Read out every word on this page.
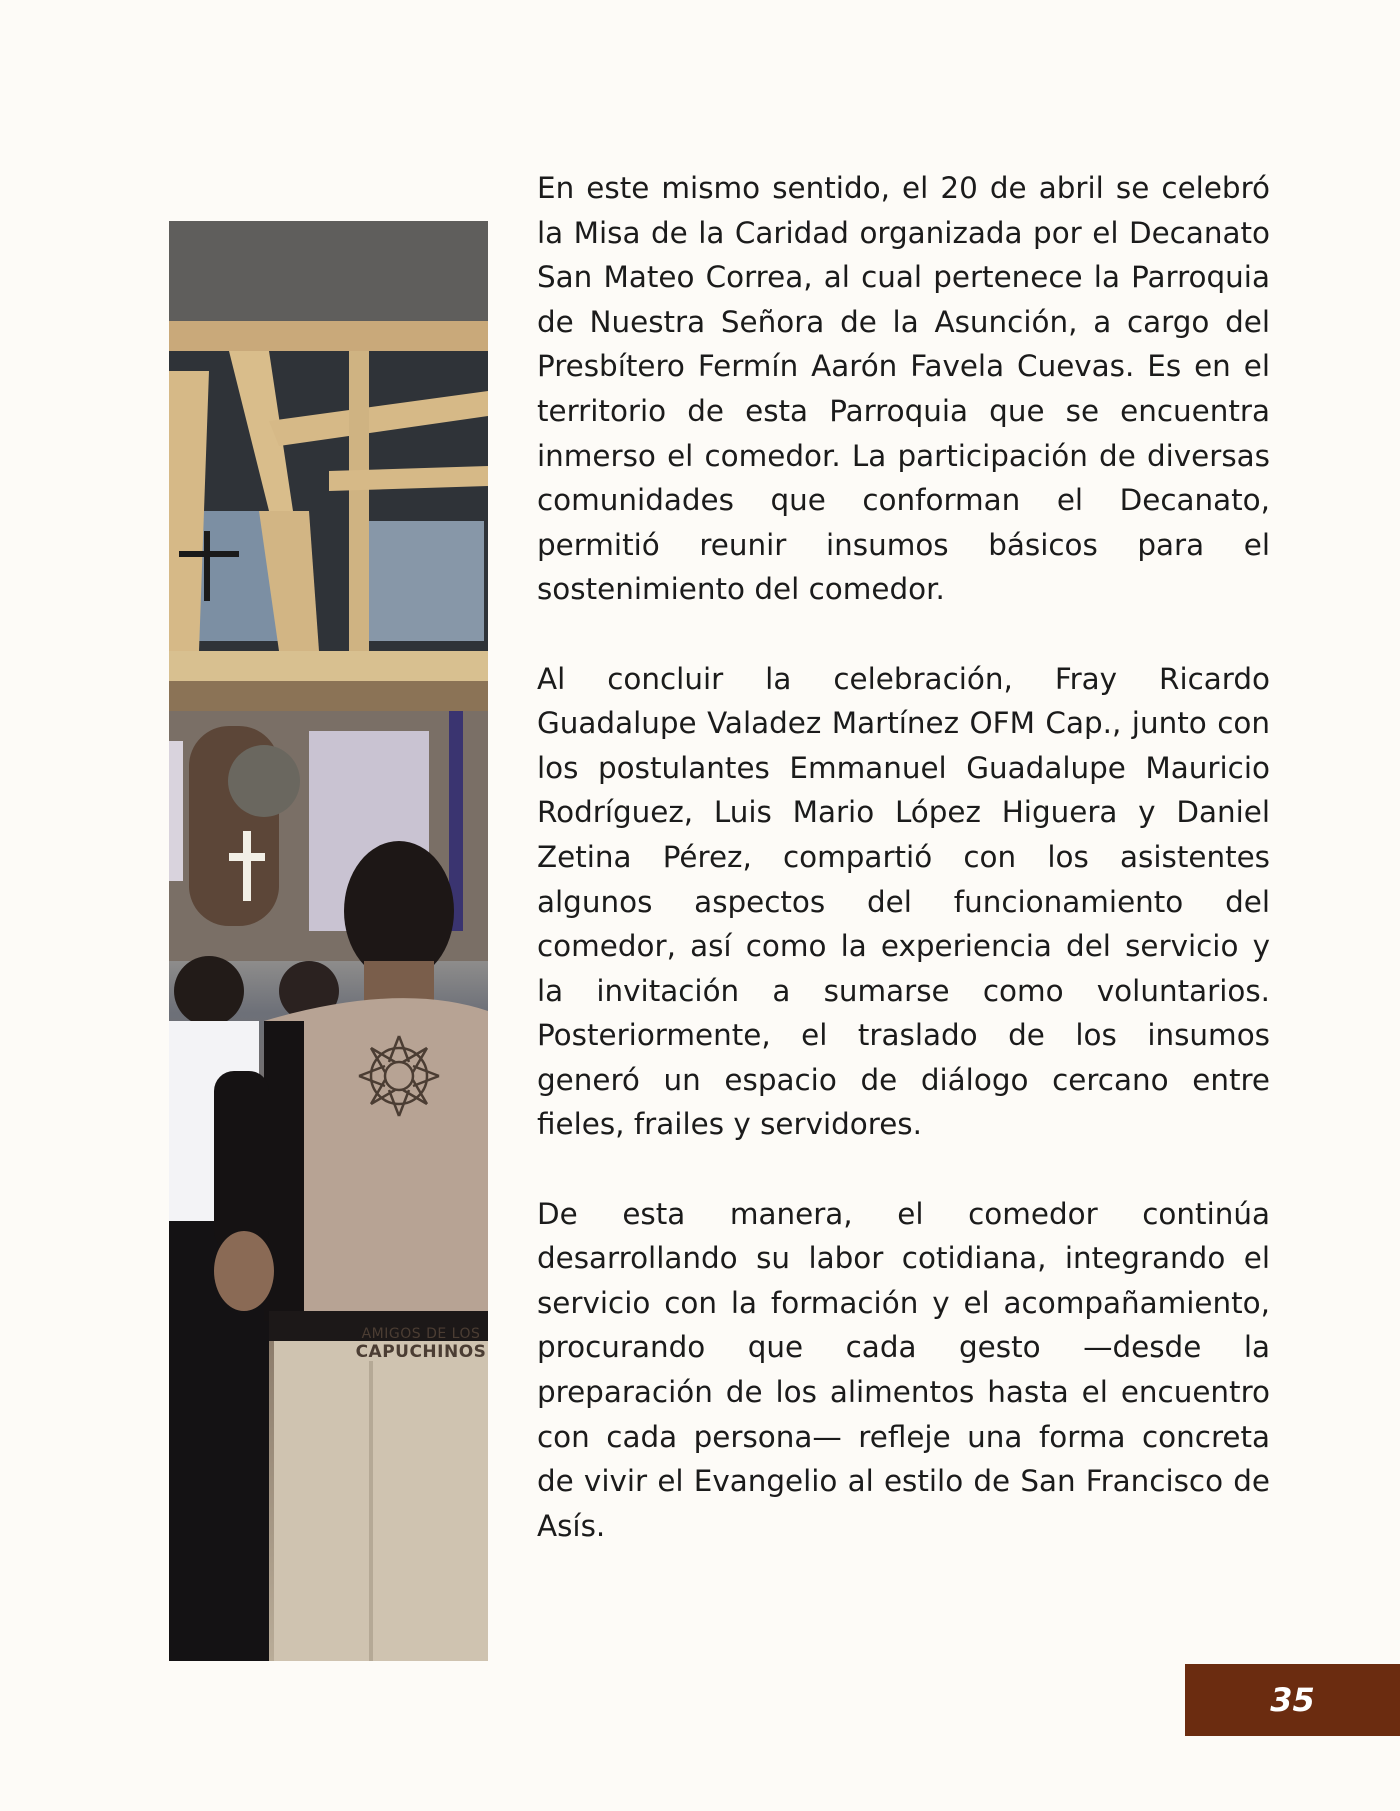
AMIGOS DE LOS
CAPUCHINOS

En este mismo sentido, el 20 de abril se celebró la Misa de la Caridad organizada por el Decanato San Mateo Correa, al cual pertenece la Parroquia de Nuestra Señora de la Asunción, a cargo del Presbítero Fermín Aarón Favela Cuevas. Es en el territorio de esta Parroquia que se encuentra inmerso el comedor. La participación de diversas comunidades que conforman el Decanato, permitió reunir insumos básicos para el sostenimiento del comedor.

Al concluir la celebración, Fray Ricardo Guadalupe Valadez Martínez OFM Cap., junto con los postulantes Emmanuel Guadalupe Mauricio Rodríguez, Luis Mario López Higuera y Daniel Zetina Pérez, compartió con los asistentes algunos aspectos del funcionamiento del comedor, así como la experiencia del servicio y la invitación a sumarse como voluntarios. Posteriormente, el traslado de los insumos generó un espacio de diálogo cercano entre fieles, frailes y servidores.

De esta manera, el comedor continúa desarrollando su labor cotidiana, integrando el servicio con la formación y el acompañamiento, procurando que cada gesto —desde la preparación de los alimentos hasta el encuentro con cada persona— refleje una forma concreta de vivir el Evangelio al estilo de San Francisco de Asís.

35
